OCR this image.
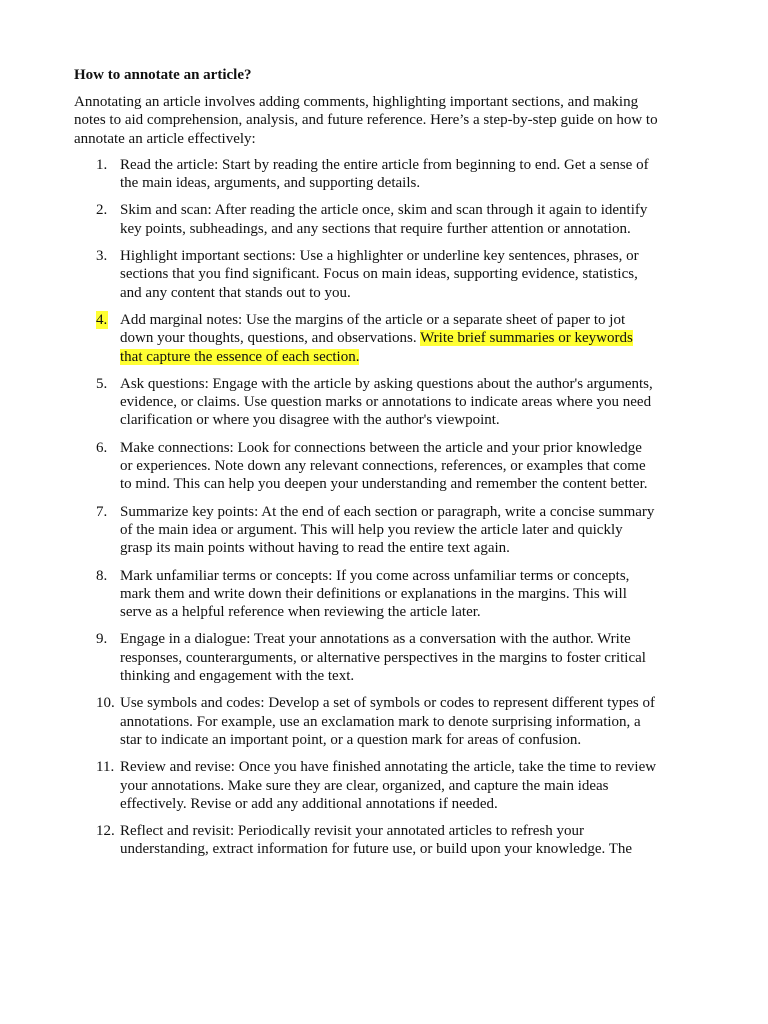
How to annotate an article?
Annotating an article involves adding comments, highlighting important sections, and making notes to aid comprehension, analysis, and future reference. Here’s a step-by-step guide on how to annotate an article effectively:
1. Read the article: Start by reading the entire article from beginning to end. Get a sense of the main ideas, arguments, and supporting details.
2. Skim and scan: After reading the article once, skim and scan through it again to identify key points, subheadings, and any sections that require further attention or annotation.
3. Highlight important sections: Use a highlighter or underline key sentences, phrases, or sections that you find significant. Focus on main ideas, supporting evidence, statistics, and any content that stands out to you.
4. Add marginal notes: Use the margins of the article or a separate sheet of paper to jot down your thoughts, questions, and observations. Write brief summaries or keywords that capture the essence of each section.
5. Ask questions: Engage with the article by asking questions about the author's arguments, evidence, or claims. Use question marks or annotations to indicate areas where you need clarification or where you disagree with the author's viewpoint.
6. Make connections: Look for connections between the article and your prior knowledge or experiences. Note down any relevant connections, references, or examples that come to mind. This can help you deepen your understanding and remember the content better.
7. Summarize key points: At the end of each section or paragraph, write a concise summary of the main idea or argument. This will help you review the article later and quickly grasp its main points without having to read the entire text again.
8. Mark unfamiliar terms or concepts: If you come across unfamiliar terms or concepts, mark them and write down their definitions or explanations in the margins. This will serve as a helpful reference when reviewing the article later.
9. Engage in a dialogue: Treat your annotations as a conversation with the author. Write responses, counterarguments, or alternative perspectives in the margins to foster critical thinking and engagement with the text.
10. Use symbols and codes: Develop a set of symbols or codes to represent different types of annotations. For example, use an exclamation mark to denote surprising information, a star to indicate an important point, or a question mark for areas of confusion.
11. Review and revise: Once you have finished annotating the article, take the time to review your annotations. Make sure they are clear, organized, and capture the main ideas effectively. Revise or add any additional annotations if needed.
12. Reflect and revisit: Periodically revisit your annotated articles to refresh your understanding, extract information for future use, or build upon your knowledge. The
